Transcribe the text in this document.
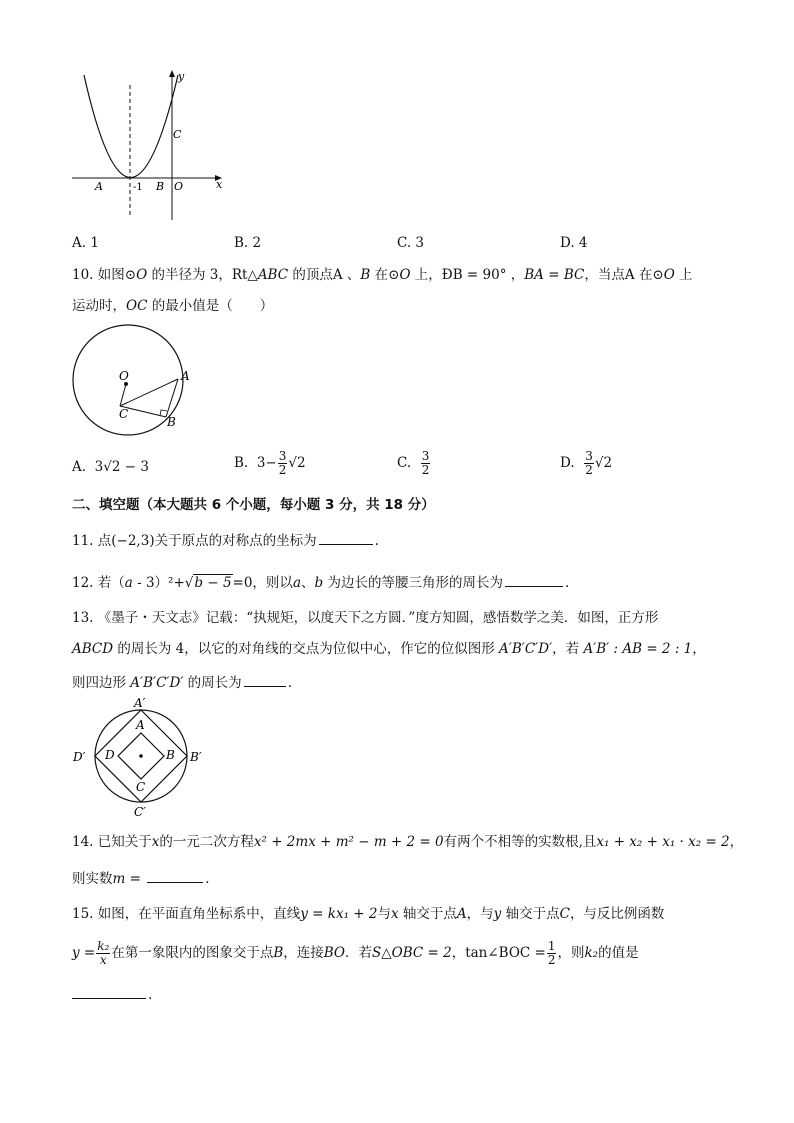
y
x
C
A	-1 B O
A. 1	B. 2	C. 3	D. 4
10. 如图⊙O 的半径为 3，Rt△ABC 的顶点A 、B 在⊙O 上，ÐB = 90° ，BA = BC，当点A 在⊙O 上
运动时，OC 的最小值是（　　）
O	A
C
B
A. 3√2 − 3	B. $3- \frac{3}{2} √2$	C. $\frac{3}{2}$	D. $\frac{3}{2} √2$
二、填空题（本大题共 6 个小题，每小题 3 分，共 18 分）
11. 点(−2,3)关于原点的对称点的坐标为	.
12. 若（a - 3）²+√b − 5=0，则以a、b 为边长的等腰三角形的周长为	.
13. 《墨子・天文志》记载：“执规矩，以度天下之方圆．”度方知圆，感悟数学之美．如图，正方形
ABCD 的周长为 4，以它的对角线的交点为位似中心，作它的位似图形 A′B′C′D′，若 A′B′ : AB = 2 : 1，
则四边形 A′B′C′D′ 的周长为	.
A′
A
D′ D	B B′
C
C′
14. 已知关于x的一元二次方程x² + 2mx + m² − m + 2 = 0有两个不相等的实数根,且x₁ + x₂ + x₁ · x₂ = 2，
则实数m =	.
15. 如图，在平面直角坐标系中，直线y = kx₁ + 2与x 轴交于点A，与y 轴交于点C，与反比例函数
$y = \frac{\text{k₂}}{x}$ 在第一象限内的图象交于点B，连接BO．若S△OBC = 2，tan∠BOC = $\frac{1}{2}$ ，则k₂的值是
.
